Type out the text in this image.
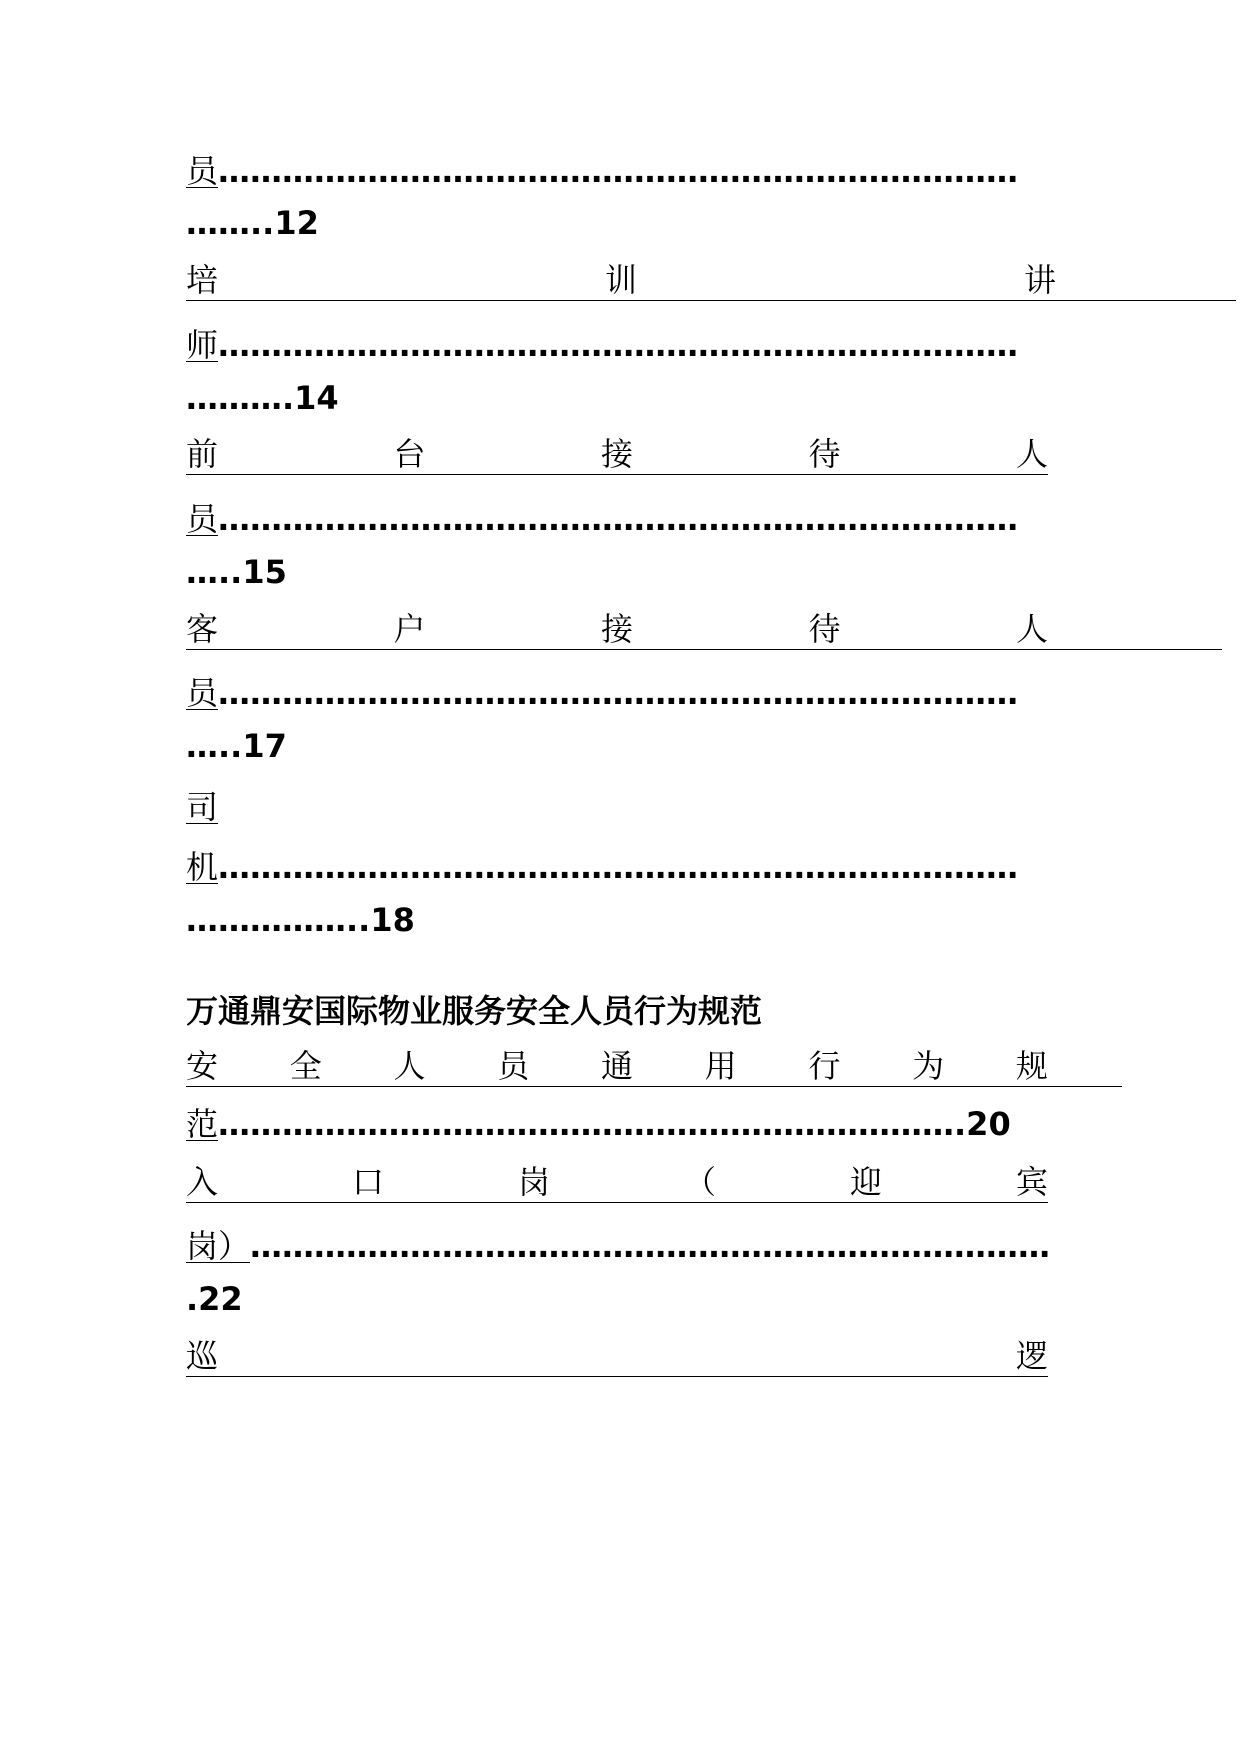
员…………………………………………………………………
……..12
培	训	讲
师…………………………………………………………………
……….14
前	台	接	待	人
员…………………………………………………………………
…..15
客	户	接	待	人
员…………………………………………………………………
…..17
司
机…………………………………………………………………
……………..18
万通鼎安国际物业服务安全人员行为规范
安 全 人 员 通 用 行 为 规
范…………………………………………………………….20
入	口	岗	（	迎	宾
岗）…………………………………………………………………
.22
巡	逻
